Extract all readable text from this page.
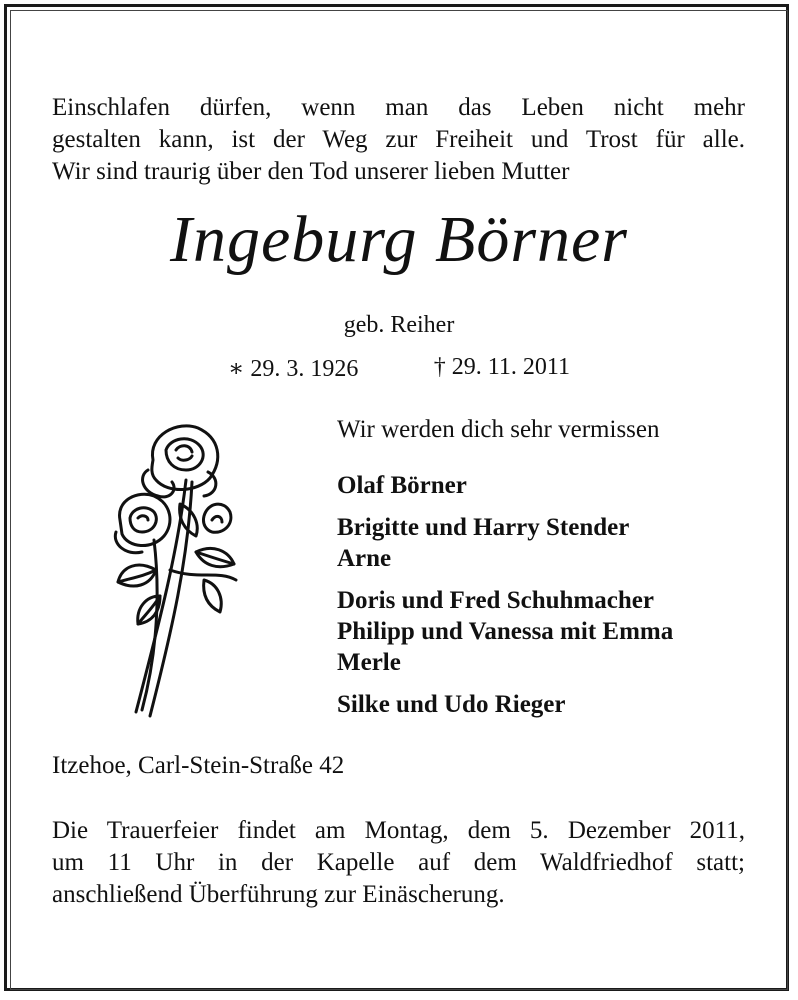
Einschlafen dürfen, wenn man das Leben nicht mehr
gestalten kann, ist der Weg zur Freiheit und Trost für alle.
Wir sind traurig über den Tod unserer lieben Mutter
Ingeburg Börner
geb. Reiher
∗ 29. 3. 1926	† 29. 11. 2011
Wir werden dich sehr vermissen
Olaf Börner
Brigitte und Harry Stender
Arne
Doris und Fred Schuhmacher
Philipp und Vanessa mit Emma
Merle
Silke und Udo Rieger
Itzehoe, Carl-Stein-Straße 42
Die Trauerfeier findet am Montag, dem 5. Dezember 2011,
um 11 Uhr in der Kapelle auf dem Waldfriedhof statt;
anschließend Überführung zur Einäscherung.
